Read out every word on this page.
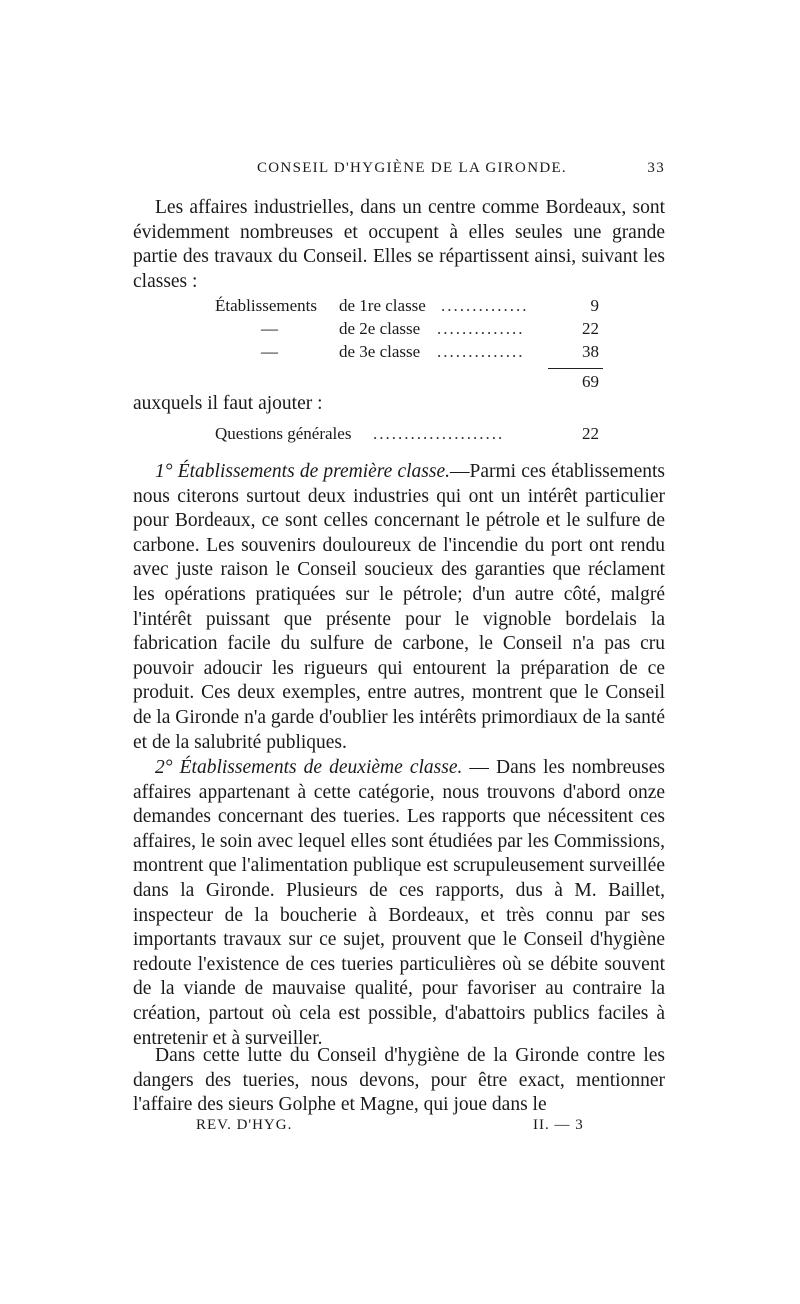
CONSEIL D'HYGIÈNE DE LA GIRONDE.	33

Les affaires industrielles, dans un centre comme Bordeaux, sont évidemment nombreuses et occupent à elles seules une grande partie des travaux du Conseil. Elles se répartissent ainsi, suivant les classes :

Établissements de 1re classe ..............	9
—	de 2e classe ..............	22
—	de 3e classe ..............	38
69

auxquels il faut ajouter :

Questions générales .....................	22

1° Établissements de première classe.—Parmi ces établissements nous citerons surtout deux industries qui ont un intérêt particulier pour Bordeaux, ce sont celles concernant le pétrole et le sulfure de carbone. Les souvenirs douloureux de l'incendie du port ont rendu avec juste raison le Conseil soucieux des garanties que réclament les opérations pratiquées sur le pétrole; d'un autre côté, malgré l'intérêt puissant que présente pour le vignoble bordelais la fabrication facile du sulfure de carbone, le Conseil n'a pas cru pouvoir adoucir les rigueurs qui entourent la préparation de ce produit. Ces deux exemples, entre autres, montrent que le Conseil de la Gironde n'a garde d'oublier les intérêts primordiaux de la santé et de la salubrité publiques.

2° Établissements de deuxième classe. — Dans les nombreuses affaires appartenant à cette catégorie, nous trouvons d'abord onze demandes concernant des tueries. Les rapports que nécessitent ces affaires, le soin avec lequel elles sont étudiées par les Commissions, montrent que l'alimentation publique est scrupuleusement surveillée dans la Gironde. Plusieurs de ces rapports, dus à M. Baillet, inspecteur de la boucherie à Bordeaux, et très connu par ses importants travaux sur ce sujet, prouvent que le Conseil d'hygiène redoute l'existence de ces tueries particulières où se débite souvent de la viande de mauvaise qualité, pour favoriser au contraire la création, partout où cela est possible, d'abattoirs publics faciles à entretenir et à surveiller.

Dans cette lutte du Conseil d'hygiène de la Gironde contre les dangers des tueries, nous devons, pour être exact, mentionner l'affaire des sieurs Golphe et Magne, qui joue dans le

REV. D'HYG.	II. — 3
